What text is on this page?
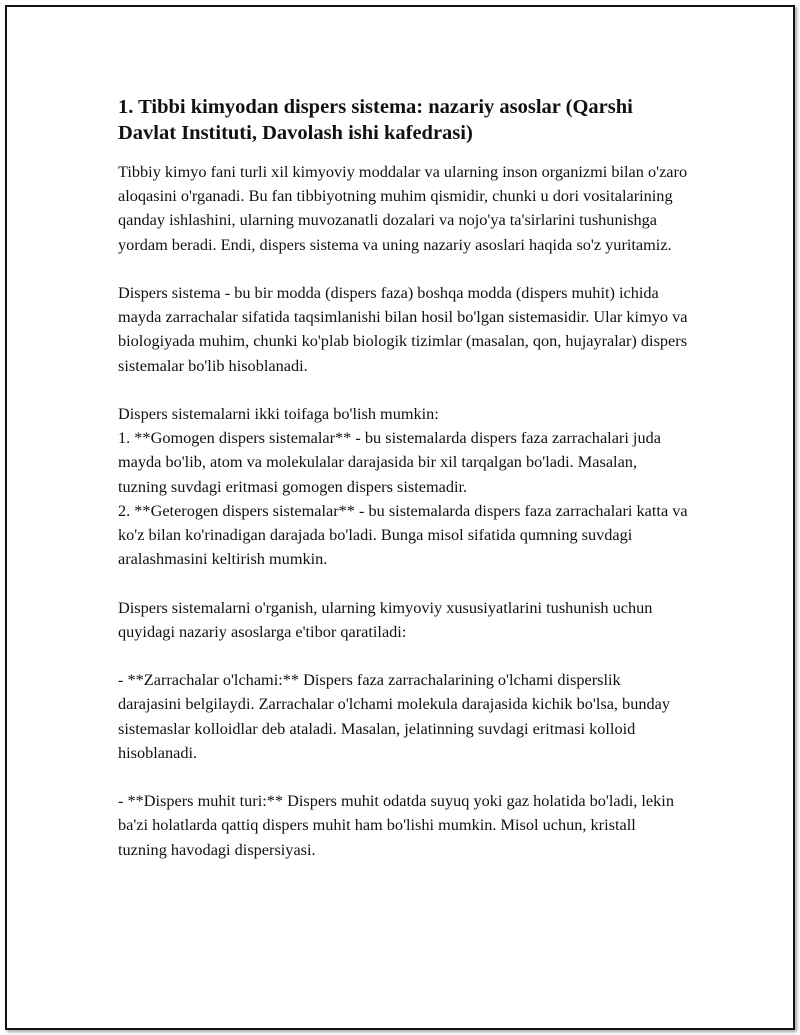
1. Tibbi kimyodan dispers sistema: nazariy asoslar (Qarshi Davlat Instituti, Davolash ishi kafedrasi)

Tibbiy kimyo fani turli xil kimyoviy moddalar va ularning inson organizmi bilan o'zaro aloqasini o'rganadi. Bu fan tibbiyotning muhim qismidir, chunki u dori vositalarining qanday ishlashini, ularning muvozanatli dozalari va nojo'ya ta'sirlarini tushunishga yordam beradi. Endi, dispers sistema va uning nazariy asoslari haqida so'z yuritamiz.

Dispers sistema - bu bir modda (dispers faza) boshqa modda (dispers muhit) ichida mayda zarrachalar sifatida taqsimlanishi bilan hosil bo'lgan sistemasidir. Ular kimyo va biologiyada muhim, chunki ko'plab biologik tizimlar (masalan, qon, hujayralar) dispers sistemalar bo'lib hisoblanadi.

Dispers sistemalarni ikki toifaga bo'lish mumkin:
1. **Gomogen dispers sistemalar** - bu sistemalarda dispers faza zarrachalari juda mayda bo'lib, atom va molekulalar darajasida bir xil tarqalgan bo'ladi. Masalan, tuzning suvdagi eritmasi gomogen dispers sistemadir.
2. **Geterogen dispers sistemalar** - bu sistemalarda dispers faza zarrachalari katta va ko'z bilan ko'rinadigan darajada bo'ladi. Bunga misol sifatida qumning suvdagi aralashmasini keltirish mumkin.

Dispers sistemalarni o'rganish, ularning kimyoviy xususiyatlarini tushunish uchun quyidagi nazariy asoslarga e'tibor qaratiladi:

- **Zarrachalar o'lchami:** Dispers faza zarrachalarining o'lchami disperslik darajasini belgilaydi. Zarrachalar o'lchami molekula darajasida kichik bo'lsa, bunday sistemaslar kolloidlar deb ataladi. Masalan, jelatinning suvdagi eritmasi kolloid hisoblanadi.

- **Dispers muhit turi:** Dispers muhit odatda suyuq yoki gaz holatida bo'ladi, lekin ba'zi holatlarda qattiq dispers muhit ham bo'lishi mumkin. Misol uchun, kristall tuzning havodagi dispersiyasi.
